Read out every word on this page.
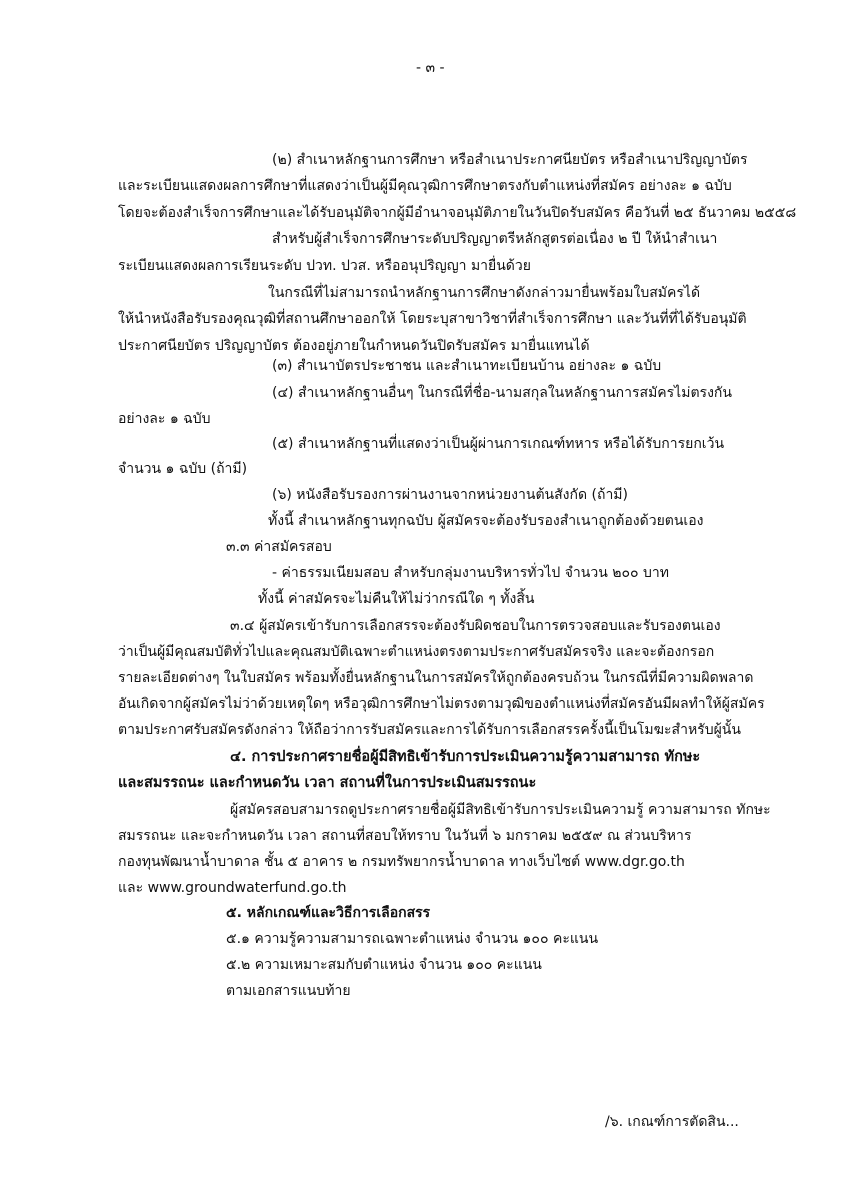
- ๓ -
(๒) สำเนาหลักฐานการศึกษา หรือสำเนาประกาศนียบัตร หรือสำเนาปริญญาบัตร
และระเบียนแสดงผลการศึกษาที่แสดงว่าเป็นผู้มีคุณวุฒิการศึกษาตรงกับตำแหน่งที่สมัคร อย่างละ ๑ ฉบับ
โดยจะต้องสำเร็จการศึกษาและได้รับอนุมัติจากผู้มีอำนาจอนุมัติภายในวันปิดรับสมัคร คือวันที่ ๒๕ ธันวาคม ๒๕๕๘
สำหรับผู้สำเร็จการศึกษาระดับปริญญาตรีหลักสูตรต่อเนื่อง ๒ ปี ให้นำสำเนา
ระเบียนแสดงผลการเรียนระดับ ปวท. ปวส. หรืออนุปริญญา มายื่นด้วย
ในกรณีที่ไม่สามารถนำหลักฐานการศึกษาดังกล่าวมายื่นพร้อมใบสมัครได้
ให้นำหนังสือรับรองคุณวุฒิที่สถานศึกษาออกให้ โดยระบุสาขาวิชาที่สำเร็จการศึกษา และวันที่ที่ได้รับอนุมัติ
ประกาศนียบัตร ปริญญาบัตร ต้องอยู่ภายในกำหนดวันปิดรับสมัคร มายื่นแทนได้
(๓) สำเนาบัตรประชาชน และสำเนาทะเบียนบ้าน อย่างละ ๑ ฉบับ
(๔) สำเนาหลักฐานอื่นๆ ในกรณีที่ชื่อ-นามสกุลในหลักฐานการสมัครไม่ตรงกัน
อย่างละ ๑ ฉบับ
(๕) สำเนาหลักฐานที่แสดงว่าเป็นผู้ผ่านการเกณฑ์ทหาร หรือได้รับการยกเว้น
จำนวน ๑ ฉบับ (ถ้ามี)
(๖) หนังสือรับรองการผ่านงานจากหน่วยงานต้นสังกัด (ถ้ามี)
ทั้งนี้ สำเนาหลักฐานทุกฉบับ ผู้สมัครจะต้องรับรองสำเนาถูกต้องด้วยตนเอง
๓.๓ ค่าสมัครสอบ
- ค่าธรรมเนียมสอบ สำหรับกลุ่มงานบริหารทั่วไป จำนวน ๒๐๐ บาท
ทั้งนี้ ค่าสมัครจะไม่คืนให้ไม่ว่ากรณีใด ๆ ทั้งสิ้น
๓.๔ ผู้สมัครเข้ารับการเลือกสรรจะต้องรับผิดชอบในการตรวจสอบและรับรองตนเอง
ว่าเป็นผู้มีคุณสมบัติทั่วไปและคุณสมบัติเฉพาะตำแหน่งตรงตามประกาศรับสมัครจริง และจะต้องกรอก
รายละเอียดต่างๆ ในใบสมัคร พร้อมทั้งยื่นหลักฐานในการสมัครให้ถูกต้องครบถ้วน ในกรณีที่มีความผิดพลาด
อันเกิดจากผู้สมัครไม่ว่าด้วยเหตุใดๆ หรือวุฒิการศึกษาไม่ตรงตามวุฒิของตำแหน่งที่สมัครอันมีผลทำให้ผู้สมัคร
ตามประกาศรับสมัครดังกล่าว ให้ถือว่าการรับสมัครและการได้รับการเลือกสรรครั้งนี้เป็นโมฆะสำหรับผู้นั้น
๔. การประกาศรายชื่อผู้มีสิทธิเข้ารับการประเมินความรู้ความสามารถ ทักษะ
และสมรรถนะ และกำหนดวัน เวลา สถานที่ในการประเมินสมรรถนะ
ผู้สมัครสอบสามารถดูประกาศรายชื่อผู้มีสิทธิเข้ารับการประเมินความรู้ ความสามารถ ทักษะ
สมรรถนะ และจะกำหนดวัน เวลา สถานที่สอบให้ทราบ ในวันที่ ๖ มกราคม ๒๕๕๙ ณ ส่วนบริหาร
กองทุนพัฒนาน้ำบาดาล ชั้น ๕ อาคาร ๒ กรมทรัพยากรน้ำบาดาล ทางเว็บไซต์ www.dgr.go.th
และ www.groundwaterfund.go.th
๕. หลักเกณฑ์และวิธีการเลือกสรร
๕.๑ ความรู้ความสามารถเฉพาะตำแหน่ง จำนวน ๑๐๐ คะแนน
๕.๒ ความเหมาะสมกับตำแหน่ง จำนวน ๑๐๐ คะแนน
ตามเอกสารแนบท้าย
/๖. เกณฑ์การตัดสิน...
